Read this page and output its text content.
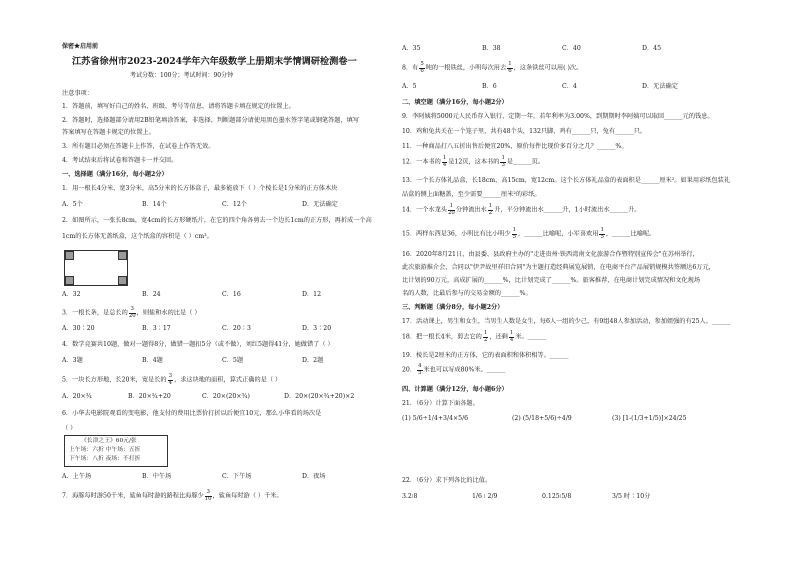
保密★启用前
江苏省徐州市2023-2024学年六年级数学上册期末学情调研检测卷一
考试分数：100分；考试时间：90分钟
注意事项：
1．答题前，填写好自己的姓名、班级、考号等信息，请将答题卡填在规定的位置上。
2．答题时，选择题部分请用2B铅笔填涂答案，非选择、判断题部分请使用黑色墨水签字笔或钢笔答题，填写
答案填写在答题卡规定的位置上。
3．所有题目必须在答题卡上作答，在试卷上作答无效。
4．考试结束后将试卷和答题卡一并交回。
一、选择题（满分16分，每小题2分）
1．用一根长4分米，宽3分米，高5分米的长方体盒子，最多能放下（ ）个棱长是1分米的正方体木块
A．5个	B．14个	C．12个	D．无法确定
2．如图所示，一张长8cm，宽4cm的长方形硬纸片，在它的四个角各剪去一个边长1cm的正方形，再折成一个高
1cm的长方体无盖纸盒，这个纸盒的容积是（ ）cm³。
A．32	B．24	C．16	D．12
3．一根长条，是总长的 $\frac{3}{20}$ ，则盐和水的比是（ ）
A．30∶20	B．3∶17	C．20∶3	D．3∶20
4．数学竞赛共10题，做对一题得8分，做错一题扣5分（或不做），刘红5题得41分，她做错了（ ）
A．3题	B．4题	C．5题	D．2题
5．一块长方形地，长20米，宽是长的 $\frac{3}{4}$ ，求这块地的面积，算式正确的是（ ）
A．20×¾	B．20×¾+20	C．20×(20×¾)	D．20×(20×¾+20)×2
6．小华去电影院观看的变电影，他支付的费用比票价打折以后便宜10元，那么小华看的场次是
（ ）
《长津之王》60元/张
上午场：六折 中午场：五折
下午场：八折 夜场：不打折
A．上午场	B．中午场	C．下午场	D．夜场
7．海豚每时游50千米，鲨鱼每时游的路程比海豚少 $\frac{3}{10}$ ，鲨鱼每时游（ ）千米。
A．35	B．38	C．40	D．45
8．有 $\frac{5}{6}$ 吨的一根铁丝，小明每次用去 $\frac{1}{6}$ ，这条铁丝可以用( )次。
A．5	B．6	C．4	D．无法确定
二、填空题（满分16分，每小题2分）
9．李阿姨将5000元人民币存入银行，定期一年，若年利率为3.00%，到期期时李阿姨可以取回______元的钱息。
10．鸡和兔共关在一个笼子里，共有48个头，132只脚，鸡有______只，兔有______只。
11．一种商品打八五折出售后便宜20%，原价每件比现价多百分之几？______%。
12．一本书的 $\frac{1}{4}$ 是12页，这本书的 $\frac{1}{3}$ 是______页。
13．一个长方体礼品盒，长18cm，高15cm，宽12cm。这个长方体礼品盒的表面积是______厘米²。如果用彩纸包装礼
品盒的侧上面糖盖，至少需要______厘米²的彩纸。
14．一个水龙头 $\frac{1}{20}$ 分钟流出水 $\frac{1}{2}$ 升，平分钟流出水______升，1小时流出水______升。
15．两样东西是36，小明比有比小明少 $\frac{1}{5}$ ，______比喻呢，小军喜欢用 $\frac{1}{5}$ ，______比喻呢。
16．2020年8月21日，由县委、县政府主办的"走进贵州·铁西湾南文化旅游合作暨特别宣传会"在苏州举行，
此次旅游推介会，合同以"伊尹故里祥旧合同"为主题打造经典展览展销，在电商平台产品展销规模共签额达6万元，
比计划的90万元，高成扩展的______%，比计划完成了______%。旅客推荐，在电商计划完成情况和文化规场
名的人数，比最后参与的交易金额的______%。
三、判断题（满分8分，每小题2分）
17．活动课上，男生和女生，当男生人数是女生，每6人一组的少己，有9组48人参加活动，参加姐强的有25人。______
18．把一根长4米，剪去它的 $\frac{1}{2}$ ，还剩 $\frac{1}{4}$ 米。______
19．棱长是2厘米的正方体，它的表面积和体积相等。______
20． $\frac{4}{5}$ 米也可以写成80%米。______
四、计算题（满分12分，每小题6分）
21．（6分）计算下面各题。
(1) 5/6÷1/4+3/4×5/6	(2) (5/18+5/6)÷4/9	(3) [1-(1/3+1/5)]×24/25
22．（6分）求下列各比的比值。
3.2∶8	1/6 ∶ 2/9	0.125∶5/8	3/5 时∶10分
